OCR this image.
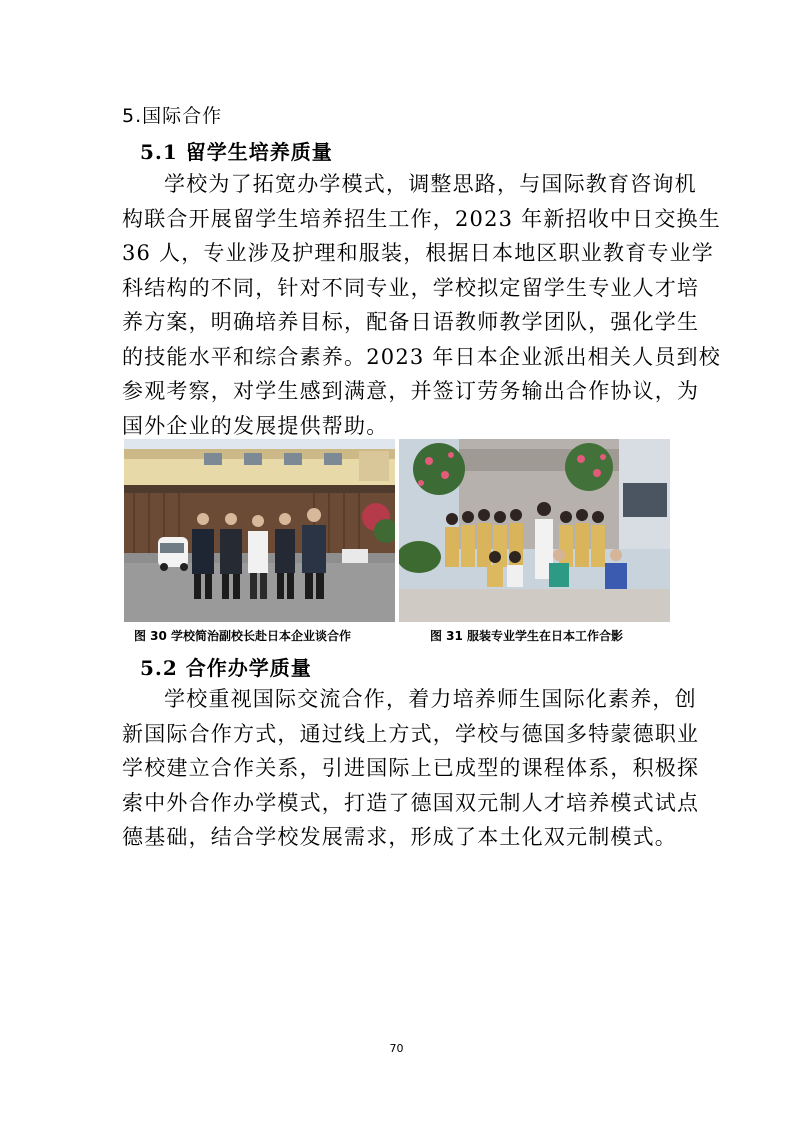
5.国际合作
5.1 留学生培养质量
学校为了拓宽办学模式，调整思路，与国际教育咨询机
构联合开展留学生培养招生工作，2023 年新招收中日交换生
36 人，专业涉及护理和服装，根据日本地区职业教育专业学
科结构的不同，针对不同专业，学校拟定留学生专业人才培
养方案，明确培养目标，配备日语教师教学团队，强化学生
的技能水平和综合素养。2023 年日本企业派出相关人员到校
参观考察，对学生感到满意，并签订劳务输出合作协议，为
国外企业的发展提供帮助。
图 30 学校简治副校长赴日本企业谈合作	图 31 服装专业学生在日本工作合影
5.2 合作办学质量
学校重视国际交流合作，着力培养师生国际化素养，创
新国际合作方式，通过线上方式，学校与德国多特蒙德职业
学校建立合作关系，引进国际上已成型的课程体系，积极探
索中外合作办学模式，打造了德国双元制人才培养模式试点
德基础，结合学校发展需求，形成了本土化双元制模式。
70
